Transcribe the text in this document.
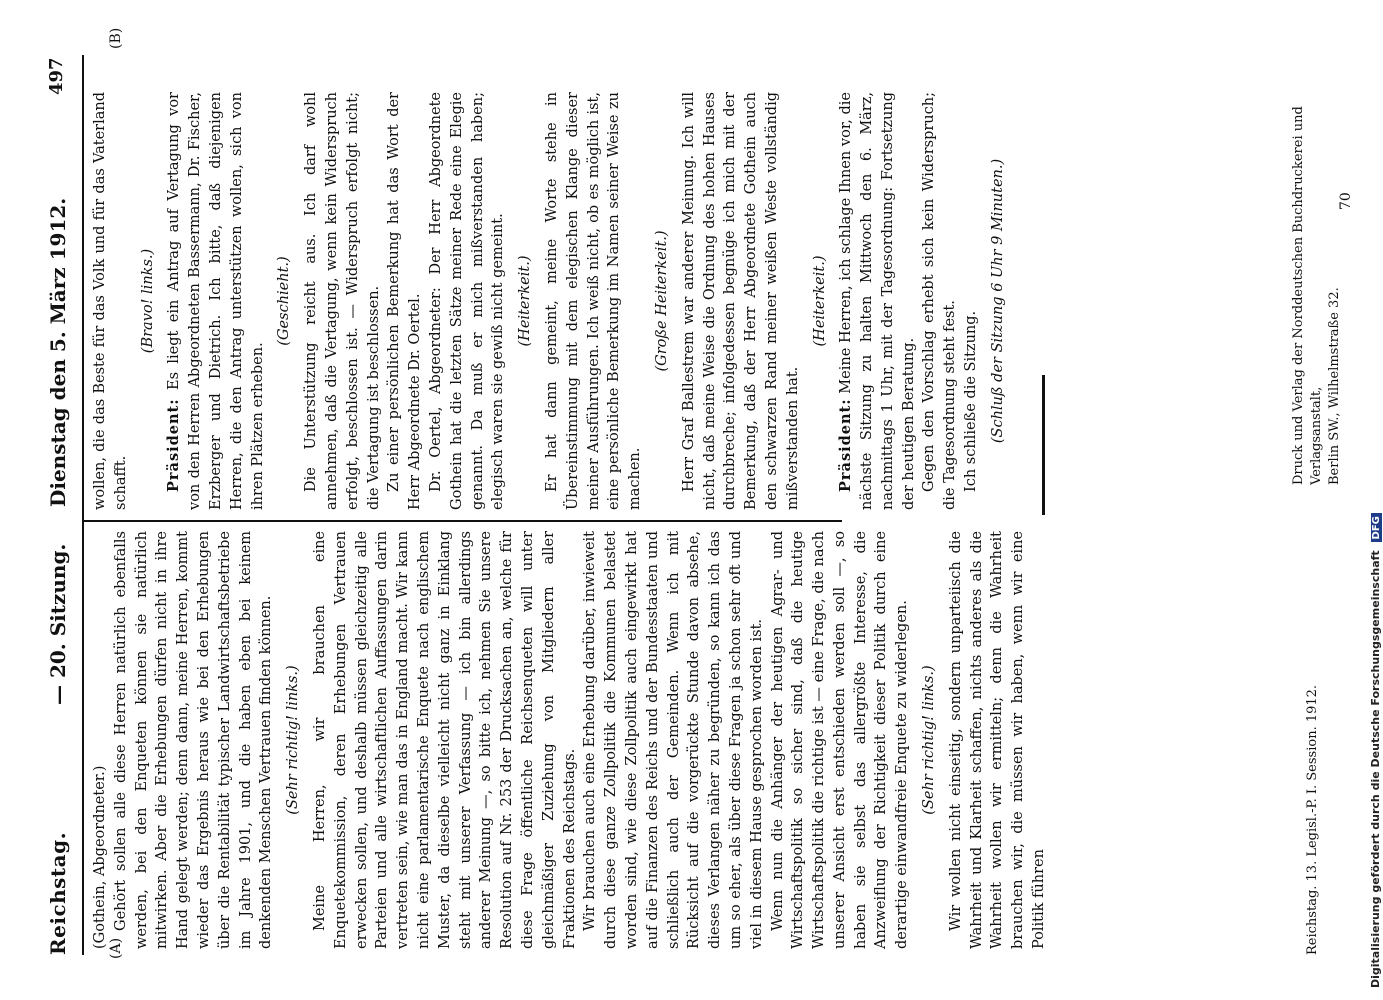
Reichstag.
— 20. Sitzung.
Dienstag den 5. März 1912.
497
(A)
(B)

(Gothein, Abgeordneter.) Gehört sollen alle diese Herren natürlich ebenfalls werden, bei den Enqueten können sie natürlich mitwirken. Aber die Erhebungen dürfen nicht in ihre Hand gelegt werden; denn dann, meine Herren, kommt wieder das Ergebnis heraus wie bei den Erhebungen über die Rentabilität typischer Landwirtschaftsbetriebe im Jahre 1901, und die haben eben bei keinem denkenden Menschen Vertrauen finden können. (Sehr richtig! links.) Meine Herren, wir brauchen eine Enquetekommission, deren Erhebungen Vertrauen erwecken sollen, und deshalb müssen gleichzeitig alle Parteien und alle wirtschaftlichen Auffassungen darin vertreten sein, wie man das in England macht. Wir kann nicht eine parlamentarische Enquete nach englischem Muster, da dieselbe vielleicht nicht ganz in Einklang steht mit unserer Verfassung — ich bin allerdings anderer Meinung —, so bitte ich, nehmen Sie unsere Resolution auf Nr. 253 der Drucksachen an, welche für diese Frage öffentliche Reichsenqueten will unter gleichmäßiger Zuziehung von Mitgliedern aller Fraktionen des Reichstags. Wir brauchen auch eine Erhebung darüber, inwieweit durch diese ganze Zollpolitik die Kommunen belastet worden sind, wie diese Zollpolitik auch eingewirkt hat auf die Finanzen des Reichs und der Bundesstaaten und schließlich auch der Gemeinden. Wenn ich mit Rücksicht auf die vorgerückte Stunde davon absehe, dieses Verlangen näher zu begründen, so kann ich das um so eher, als über diese Fragen ja schon sehr oft und viel in diesem Hause gesprochen worden ist. Wenn nun die Anhänger der heutigen Agrar- und Wirtschaftspolitik so sicher sind, daß die heutige Wirtschaftspolitik die richtige ist — eine Frage, die nach unserer Ansicht erst entschieden werden soll —, so haben sie selbst das allergrößte Interesse, die Anzweiflung der Richtigkeit dieser Politik durch eine derartige einwandfreie Enquete zu widerlegen. (Sehr richtig! links.) Wir wollen nicht einseitig, sondern unparteiisch die Wahrheit und Klarheit schaffen, nichts anderes als die Wahrheit wollen wir ermitteln; denn die Wahrheit brauchen wir, die müssen wir haben, wenn wir eine Politik führen

wollen, die das Beste für das Volk und für das Vaterland schafft.

(Bravo! links.)

Präsident: Es liegt ein Antrag auf Vertagung vor von den Herren Abgeordneten Bassermann, Dr. Fischer, Erzberger und Dietrich. Ich bitte, daß diejenigen Herren, die den Antrag unterstützen wollen, sich von ihren Plätzen erheben.

(Geschieht.) Die Unterstützung reicht aus. Ich darf wohl annehmen, daß die Vertagung, wenn kein Widerspruch erfolgt, beschlossen ist. — Widerspruch erfolgt nicht; die Vertagung ist beschlossen. Zu einer persönlichen Bemerkung hat das Wort der Herr Abgeordnete Dr. Oertel. Dr. Oertel, Abgeordneter: Der Herr Abgeordnete Gothein hat die letzten Sätze meiner Rede eine Elegie genannt. Da muß er mich mißverstanden haben; elegisch waren sie gewiß nicht gemeint. (Heiterkeit.) Er hat dann gemeint, meine Worte stehe in Übereinstimmung mit dem elegischen Klange dieser meiner Ausführungen. Ich weiß nicht, ob es möglich ist, eine persönliche Bemerkung im Namen seiner Weise zu machen.

(Große Heiterkeit.) Herr Graf Ballestrem war anderer Meinung. Ich will nicht, daß meine Weise die Ordnung des hohen Hauses durchbreche; infolgedessen begnüge ich mich mit der Bemerkung, daß der Herr Abgeordnete Gothein auch den schwarzen Rand meiner weißen Weste vollständig mißverstanden hat.

(Heiterkeit.)

Präsident: Meine Herren, ich schlage Ihnen vor, die nächste Sitzung zu halten Mittwoch den 6. März, nachmittags 1 Uhr, mit der Tagesordnung: Fortsetzung der heutigen Beratung. Gegen den Vorschlag erhebt sich kein Widerspruch; die Tagesordnung steht fest. Ich schließe die Sitzung. (Schluß der Sitzung 6 Uhr 9 Minuten.)

Reichstag. 13. Legisl.-P. I. Session. 1912.
Druck und Verlag der Norddeutschen Buchdruckerei und Verlagsanstalt, Berlin SW., Wilhelmstraße 32.
70
Digitalisierung gefördert durch die Deutsche Forschungsgemeinschaft DFG
